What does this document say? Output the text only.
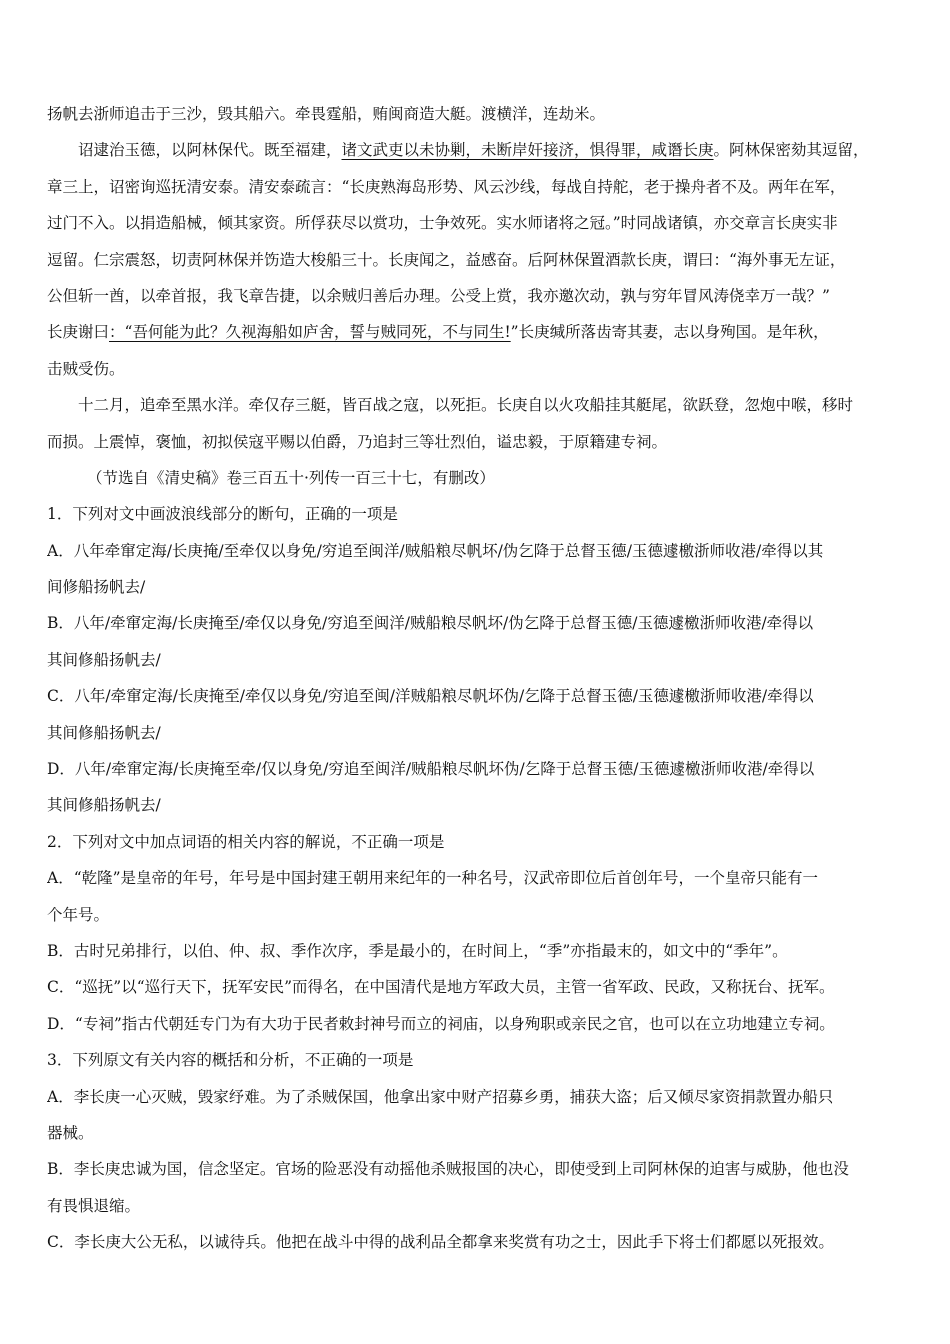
扬帆去浙师追击于三沙，毁其船六。牵畏霆船，贿闽商造大艇。渡横洋，连劫米。
诏逮治玉德，以阿林保代。既至福建，诸文武吏以未协剿，未断岸奸接济，惧得罪，咸谮长庚。阿林保密劾其逗留，
章三上，诏密询巡抚清安泰。清安泰疏言：“长庚熟海岛形势、风云沙线，每战自持舵，老于操舟者不及。两年在军，
过门不入。以捐造船械，倾其家资。所俘获尽以赏功，士争效死。实水师诸将之冠。”时同战诸镇，亦交章言长庚实非
逗留。仁宗震怒，切责阿林保并饬造大梭船三十。长庚闻之，益感奋。后阿林保置酒款长庚，谓曰：“海外事无左证，
公但斩一酋，以牵首报，我飞章告捷，以余贼归善后办理。公受上赏，我亦邀次动，孰与穷年冒风涛侥幸万一哉？”
长庚谢曰：“吾何能为此？久视海船如庐舍，誓与贼同死，不与同生!”长庚缄所落齿寄其妻，志以身殉国。是年秋，
击贼受伤。
十二月，追牵至黑水洋。牵仅存三艇，皆百战之寇，以死拒。长庚自以火攻船挂其艇尾，欲跃登，忽炮中喉，移时
而损。上震悼，褒恤，初拟侯寇平赐以伯爵，乃追封三等壮烈伯，谥忠毅，于原籍建专祠。
（节选自《清史稿》卷三百五十·列传一百三十七，有删改）
1．下列对文中画波浪线部分的断句，正确的一项是
A．八年牵窜定海/长庚掩/至牵仅以身免/穷追至闽洋/贼船粮尽帆坏/伪乞降于总督玉德/玉德遽檄浙师收港/牵得以其
间修船扬帆去/
B．八年/牵窜定海/长庚掩至/牵仅以身免/穷追至闽洋/贼船粮尽帆坏/伪乞降于总督玉德/玉德遽檄浙师收港/牵得以
其间修船扬帆去/
C．八年/牵窜定海/长庚掩至/牵仅以身免/穷追至闽/洋贼船粮尽帆坏伪/乞降于总督玉德/玉德遽檄浙师收港/牵得以
其间修船扬帆去/
D．八年/牵窜定海/长庚掩至牵/仅以身免/穷追至闽洋/贼船粮尽帆坏伪/乞降于总督玉德/玉德遽檄浙师收港/牵得以
其间修船扬帆去/
2．下列对文中加点词语的相关内容的解说，不正确一项是
A．“乾隆”是皇帝的年号，年号是中国封建王朝用来纪年的一种名号，汉武帝即位后首创年号，一个皇帝只能有一
个年号。
B．古时兄弟排行，以伯、仲、叔、季作次序，季是最小的，在时间上，“季”亦指最末的，如文中的“季年”。
C．“巡抚”以“巡行天下，抚军安民”而得名，在中国清代是地方军政大员，主管一省军政、民政，又称抚台、抚军。
D．“专祠”指古代朝廷专门为有大功于民者敕封神号而立的祠庙，以身殉职或亲民之官，也可以在立功地建立专祠。
3．下列原文有关内容的概括和分析，不正确的一项是
A．李长庚一心灭贼，毁家纾难。为了杀贼保国，他拿出家中财产招募乡勇，捕获大盗；后又倾尽家资捐款置办船只
器械。
B．李长庚忠诚为国，信念坚定。官场的险恶没有动摇他杀贼报国的决心，即使受到上司阿林保的迫害与威胁，他也没
有畏惧退缩。
C．李长庚大公无私，以诚待兵。他把在战斗中得的战利品全都拿来奖赏有功之士，因此手下将士们都愿以死报效。
